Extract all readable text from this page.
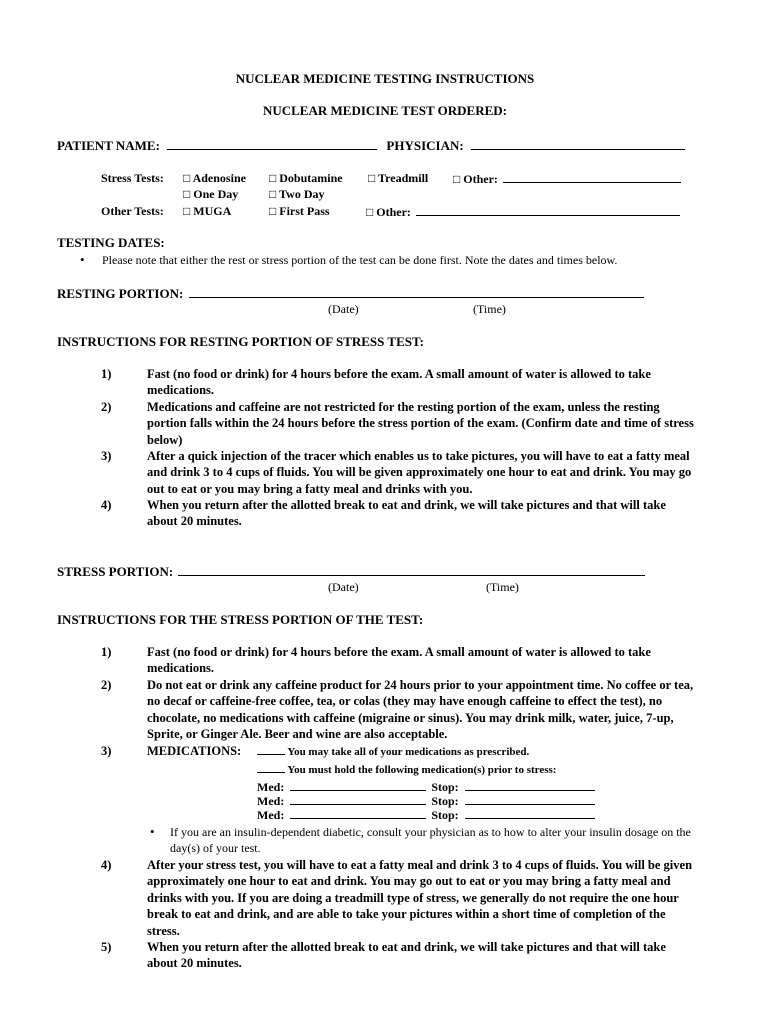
NUCLEAR MEDICINE TESTING INSTRUCTIONS
NUCLEAR MEDICINE TEST ORDERED:
PATIENT NAME:	PHYSICIAN:
Stress Tests: □ Adenosine □ Dobutamine □ Treadmill □ Other:
□ One Day	□ Two Day
Other Tests: □ MUGA	□ First Pass	□ Other:
TESTING DATES:
• Please note that either the rest or stress portion of the test can be done first. Note the dates and times below.
RESTING PORTION:
(Date)	(Time)
INSTRUCTIONS FOR RESTING PORTION OF STRESS TEST:
1)	Fast (no food or drink) for 4 hours before the exam. A small amount of water is allowed to take medications.
2)	Medications and caffeine are not restricted for the resting portion of the exam, unless the resting portion falls within the 24 hours before the stress portion of the exam. (Confirm date and time of stress below)
3)	After a quick injection of the tracer which enables us to take pictures, you will have to eat a fatty meal and drink 3 to 4 cups of fluids. You will be given approximately one hour to eat and drink. You may go out to eat or you may bring a fatty meal and drinks with you.
4)	When you return after the allotted break to eat and drink, we will take pictures and that will take about 20 minutes.
STRESS PORTION:
(Date)	(Time)
INSTRUCTIONS FOR THE STRESS PORTION OF THE TEST:
1)	Fast (no food or drink) for 4 hours before the exam. A small amount of water is allowed to take medications.
2)	Do not eat or drink any caffeine product for 24 hours prior to your appointment time. No coffee or tea, no decaf or caffeine-free coffee, tea, or colas (they may have enough caffeine to effect the test), no chocolate, no medications with caffeine (migraine or sinus). You may drink milk, water, juice, 7-up, Sprite, or Ginger Ale. Beer and wine are also acceptable.
3)	MEDICATIONS:	You may take all of your medications as prescribed.
You must hold the following medication(s) prior to stress:
Med:	Stop:
Med:	Stop:
Med:	Stop:
• If you are an insulin-dependent diabetic, consult your physician as to how to alter your insulin dosage on the day(s) of your test.
4)	After your stress test, you will have to eat a fatty meal and drink 3 to 4 cups of fluids. You will be given approximately one hour to eat and drink. You may go out to eat or you may bring a fatty meal and drinks with you. If you are doing a treadmill type of stress, we generally do not require the one hour break to eat and drink, and are able to take your pictures within a short time of completion of the stress.
5)	When you return after the allotted break to eat and drink, we will take pictures and that will take about 20 minutes.
